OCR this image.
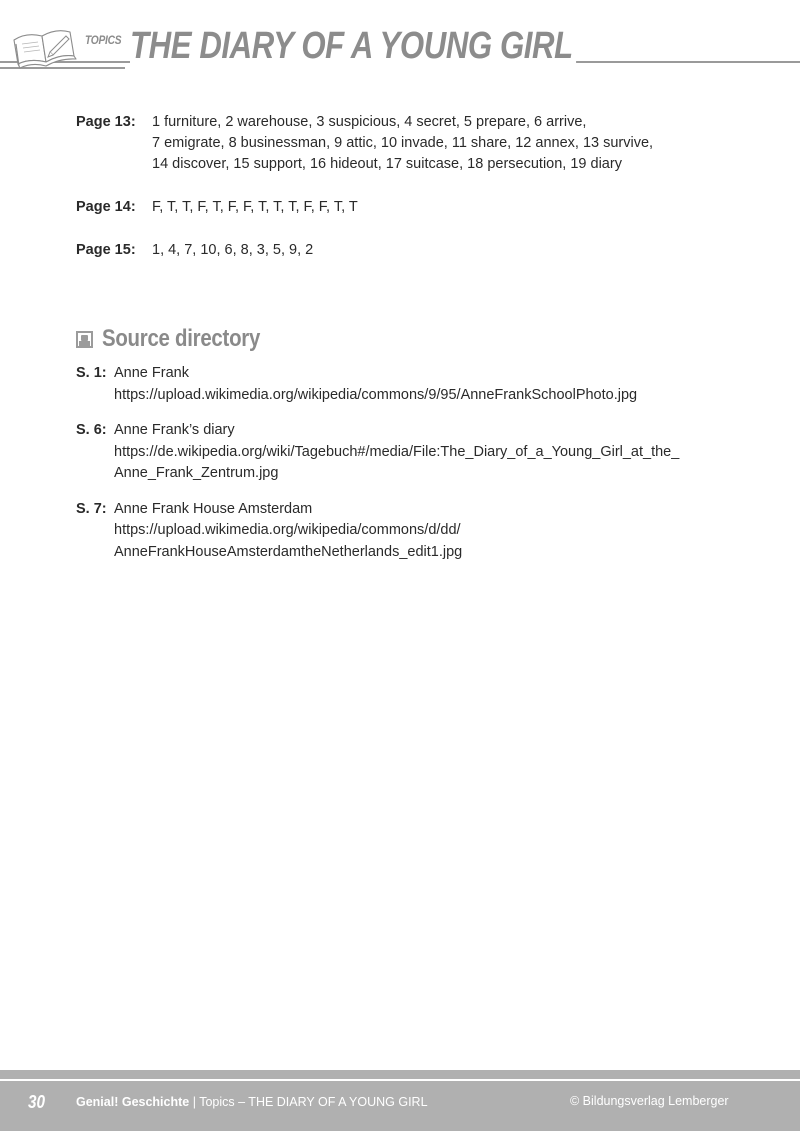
TOPICS THE DIARY OF A YOUNG GIRL
Page 13:	1 furniture, 2 warehouse, 3 suspicious, 4 secret, 5 prepare, 6 arrive,
7 emigrate, 8 businessman, 9 attic, 10 invade, 11 share, 12 annex, 13 survive,
14 discover, 15 support, 16 hideout, 17 suitcase, 18 persecution, 19 diary
Page 14:	F, T, T, F, T, F, F, T, T, T, F, F, T, T
Page 15:	1, 4, 7, 10, 6, 8, 3, 5, 9, 2
Source directory
S. 1: Anne Frank
https://upload.wikimedia.org/wikipedia/commons/9/95/AnneFrankSchoolPhoto.jpg
S. 6: Anne Frank’s diary
https://de.wikipedia.org/wiki/Tagebuch#/media/File:The_Diary_of_a_Young_Girl_at_the_
Anne_Frank_Zentrum.jpg
S. 7: Anne Frank House Amsterdam
https://upload.wikimedia.org/wikipedia/commons/d/dd/
AnneFrankHouseAmsterdamtheNetherlands_edit1.jpg
30 Genial! Geschichte | Topics – THE DIARY OF A YOUNG GIRL	© Bildungsverlag Lemberger
